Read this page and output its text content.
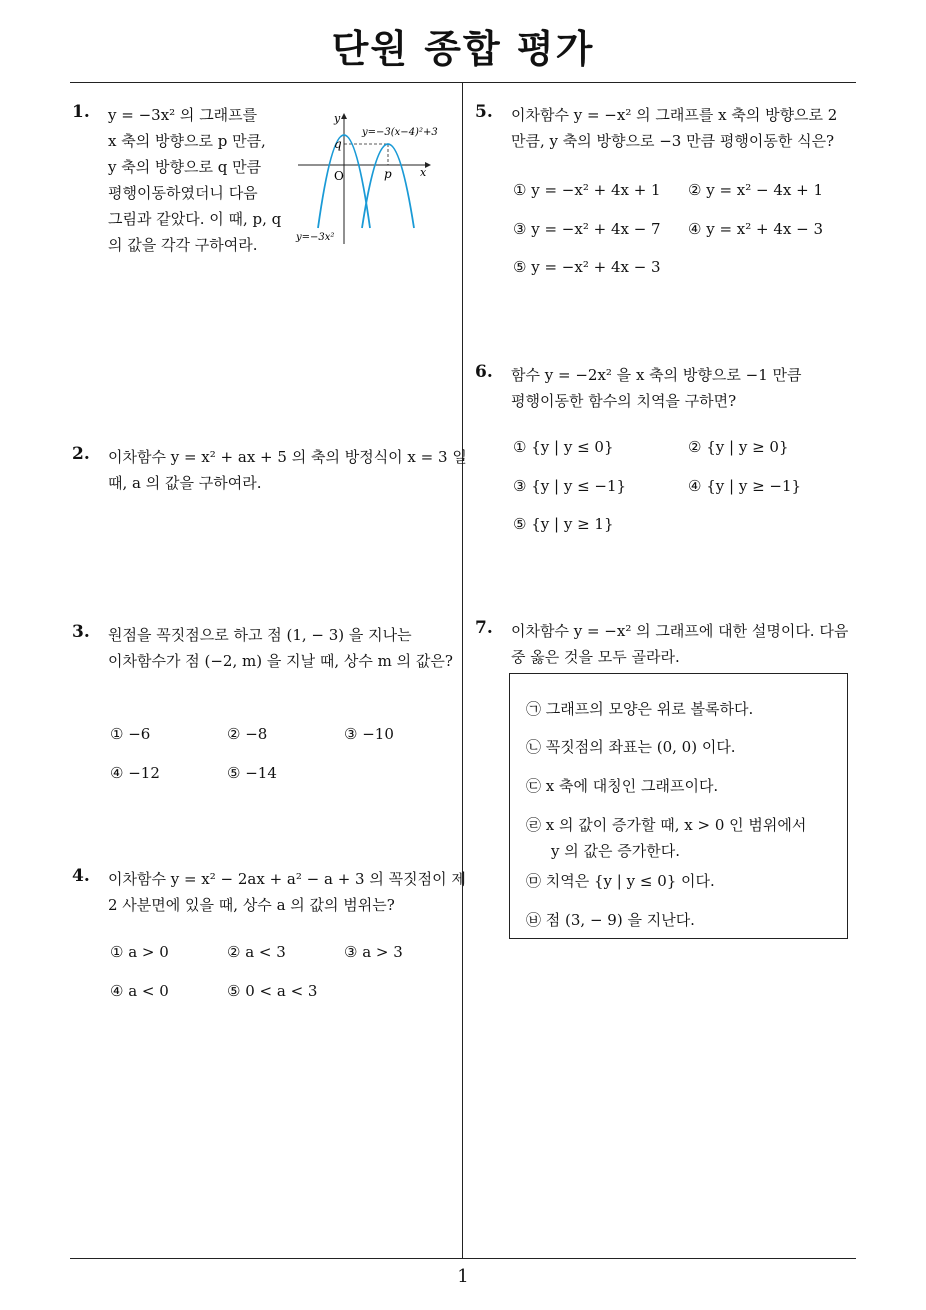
단원 종합 평가
1
1. y = −3x² 의 그래프를
x 축의 방향으로 p 만큼,
y 축의 방향으로 q 만큼
평행이동하였더니 다음
그림과 같았다. 이 때, p, q
의 값을 각각 구하여라.
y
x
O
q
p
y=−3(x−4)²+3
y=−3x²
2. 이차함수 y = x² + ax + 5 의 축의 방정식이 x = 3 일
때, a 의 값을 구하여라.
3. 원점을 꼭짓점으로 하고 점 (1, − 3) 을 지나는
이차함수가 점 (−2, m) 을 지날 때, 상수 m 의 값은?
① −6	② −8	③ −10
④ −12	⑤ −14
4. 이차함수 y = x² − 2ax + a² − a + 3 의 꼭짓점이 제
2 사분면에 있을 때, 상수 a 의 값의 범위는?
① a > 0	② a < 3	③ a > 3
④ a < 0	⑤ 0 < a < 3
5. 이차함수 y = −x² 의 그래프를 x 축의 방향으로 2
만큼, y 축의 방향으로 −3 만큼 평행이동한 식은?
① y = −x² + 4x + 1 ② y = x² − 4x + 1
③ y = −x² + 4x − 7 ④ y = x² + 4x − 3
⑤ y = −x² + 4x − 3
6. 함수 y = −2x² 을 x 축의 방향으로 −1 만큼
평행이동한 함수의 치역을 구하면?
① {y | y ≤ 0}	② {y | y ≥ 0}
③ {y | y ≤ −1}	④ {y | y ≥ −1}
⑤ {y | y ≥ 1}
7. 이차함수 y = −x² 의 그래프에 대한 설명이다. 다음
중 옳은 것을 모두 골라라.
㉠ 그래프의 모양은 위로 볼록하다.
㉡ 꼭짓점의 좌표는 (0, 0) 이다.
㉢ x 축에 대칭인 그래프이다.
㉣ x 의 값이 증가할 때, x > 0 인 범위에서
y 의 값은 증가한다.
㉤ 치역은 {y | y ≤ 0} 이다.
㉥ 점 (3, − 9) 을 지난다.
